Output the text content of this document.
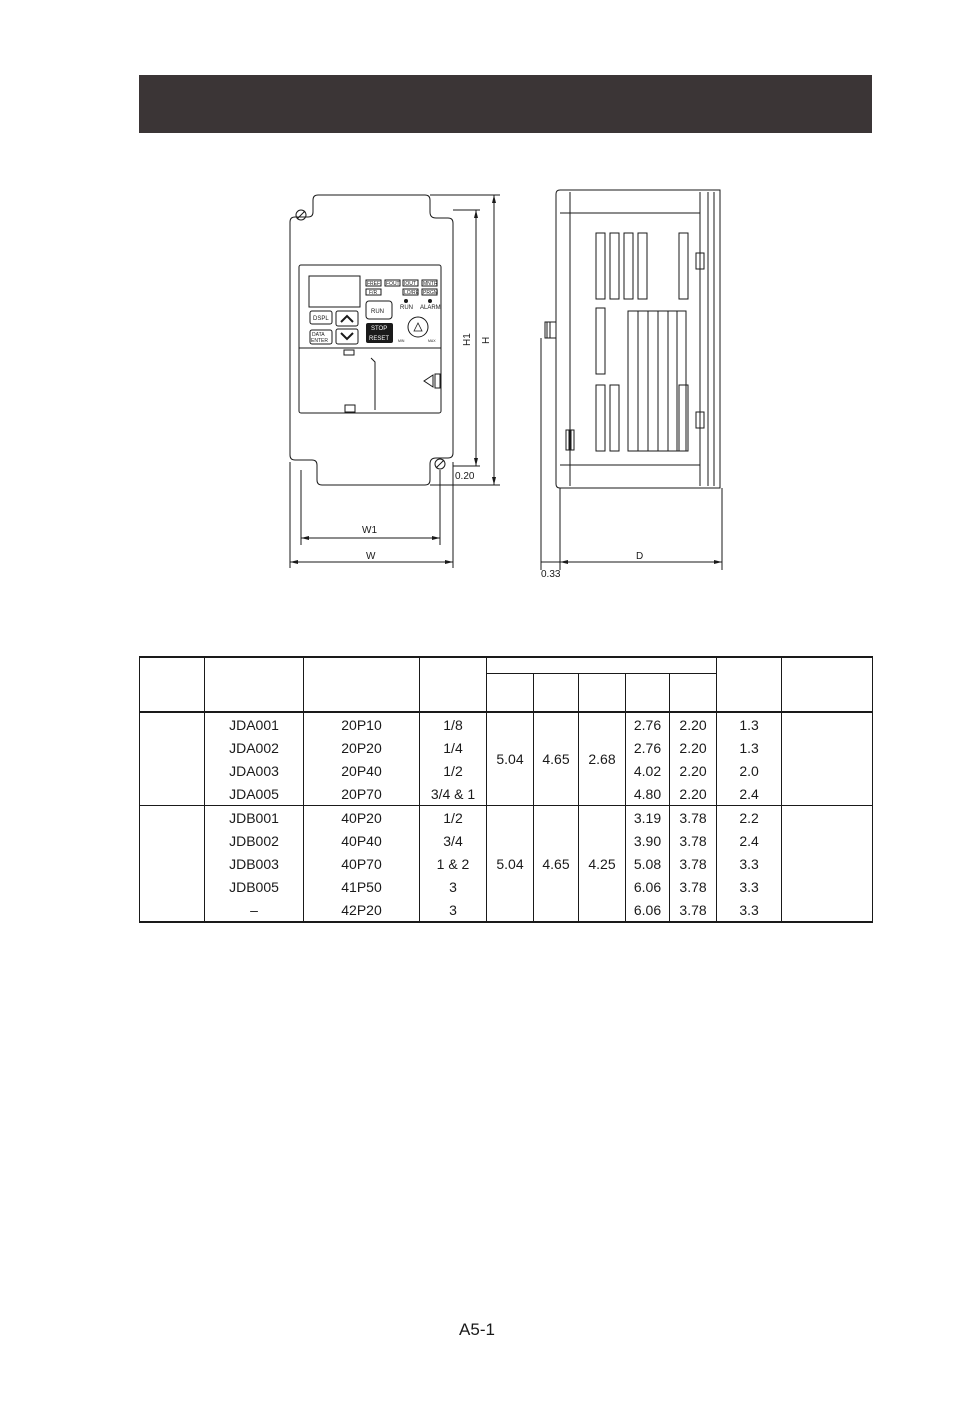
FREF FOUT IOUT MNTR
F/R	LO/RE PRGM
DATA
ENTER	MIN	MAX
DSPL
RUN
RUN ALARM
STOP
RESET
W1
W
0.20
D
0.33
H1 H

	JDA001	20P10	1/8	5.04	4.65	2.68	2.76	2.20	1.3	
	JDA002	20P20	1/4				2.76	2.20	1.3	
	JDA003	20P40	1/2				4.02	2.20	2.0	
	JDA005	20P70	3/4 & 1				4.80	2.20	2.4	
	JDB001	40P20	1/2	5.04	4.65	4.25	3.19	3.78	2.2	
	JDB002	40P40	3/4				3.90	3.78	2.4	
	JDB003	40P70	1 & 2				5.08	3.78	3.3	
	JDB005	41P50	3				6.06	3.78	3.3	
	–	42P20	3				6.06	3.78	3.3	
A5-1
